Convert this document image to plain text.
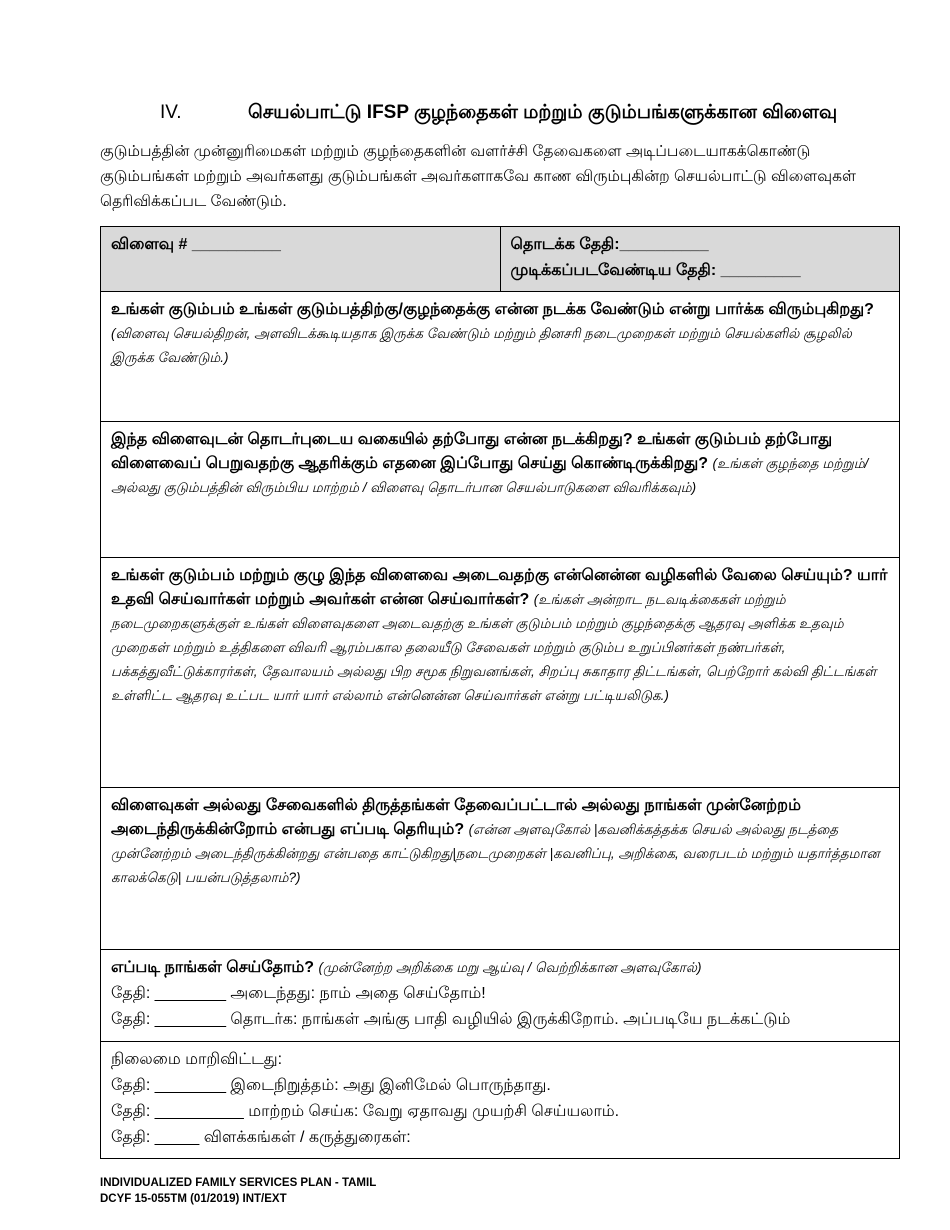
IV.	செயல்பாட்டு IFSP குழந்தைகள் மற்றும் குடும்பங்களுக்கான விளைவு

குடும்பத்தின் முன்னுரிமைகள் மற்றும் குழந்தைகளின் வளர்ச்சி தேவைகளை அடிப்படையாகக்கொண்டு குடும்பங்கள் மற்றும் அவர்களது குடும்பங்கள் அவர்களாகவே காண விரும்புகின்ற செயல்பாட்டு விளைவுகள் தெரிவிக்கப்பட வேண்டும்.

விளைவு # __________	தொடக்க தேதி:__________
முடிக்கப்படவேண்டிய தேதி: _________

உங்கள் குடும்பம் உங்கள் குடும்பத்திற்கு/குழந்தைக்கு என்ன நடக்க வேண்டும் என்று பார்க்க விரும்புகிறது? (விளைவு செயல்திறன், அளவிடக்கூடியதாக இருக்க வேண்டும் மற்றும் தினசரி நடைமுறைகள் மற்றும் செயல்களில் சூழலில் இருக்க வேண்டும்.)
இந்த விளைவுடன் தொடர்புடைய வகையில் தற்போது என்ன நடக்கிறது? உங்கள் குடும்பம் தற்போது விளைவைப் பெறுவதற்கு ஆதரிக்கும் எதனை இப்போது செய்து கொண்டிருக்கிறது? (உங்கள் குழந்தை மற்றும்/ அல்லது குடும்பத்தின் விரும்பிய மாற்றம் / விளைவு தொடர்பான செயல்பாடுகளை விவரிக்கவும்)
உங்கள் குடும்பம் மற்றும் குழு இந்த விளைவை அடைவதற்கு என்னென்ன வழிகளில் வேலை செய்யும்? யார் உதவி செய்வார்கள் மற்றும் அவர்கள் என்ன செய்வார்கள்? (உங்கள் அன்றாட நடவடிக்கைகள் மற்றும் நடைமுறைகளுக்குள் உங்கள் விளைவுகளை அடைவதற்கு உங்கள் குடும்பம் மற்றும் குழந்தைக்கு ஆதரவு அளிக்க உதவும் முறைகள் மற்றும் உத்திகளை விவரி ஆரம்பகால தலையீடு சேவைகள் மற்றும் குடும்ப உறுப்பினர்கள் நண்பர்கள், பக்கத்துவீட்டுக்காரர்கள், தேவாலயம் அல்லது பிற சமூக நிறுவனங்கள், சிறப்பு சுகாதார திட்டங்கள், பெற்றோர் கல்வி திட்டங்கள் உள்ளிட்ட ஆதரவு உட்பட யார் யார் எல்லாம் என்னென்ன செய்வார்கள் என்று பட்டியலிடுக.)
விளைவுகள் அல்லது சேவைகளில் திருத்தங்கள் தேவைப்பட்டால் அல்லது நாங்கள் முன்னேற்றம் அடைந்திருக்கின்றோம் என்பது எப்படி தெரியும்? (என்ன அளவுகோல் |கவனிக்கத்தக்க செயல் அல்லது நடத்தை முன்னேற்றம் அடைந்திருக்கின்றது என்பதை காட்டுகிறது|நடைமுறைகள் |கவனிப்பு, அறிக்கை, வரைபடம் மற்றும் யதார்த்தமான காலக்கெடு| பயன்படுத்தலாம்?)

எப்படி நாங்கள் செய்தோம்? (முன்னேற்ற அறிக்கை மறு ஆய்வு / வெற்றிக்கான அளவுகோல்)
தேதி: ________ அடைந்தது: நாம் அதை செய்தோம்!
தேதி: ________ தொடர்க: நாங்கள் அங்கு பாதி வழியில் இருக்கிறோம். அப்படியே நடக்கட்டும்

நிலைமை மாறிவிட்டது:
தேதி: ________ இடைநிறுத்தம்: அது இனிமேல் பொருந்தாது.
தேதி: __________ மாற்றம் செய்க: வேறு ஏதாவது முயற்சி செய்யலாம்.
தேதி: _____ விளக்கங்கள் / கருத்துரைகள்:
INDIVIDUALIZED FAMILY SERVICES PLAN - TAMIL
DCYF 15-055TM (01/2019) INT/EXT
